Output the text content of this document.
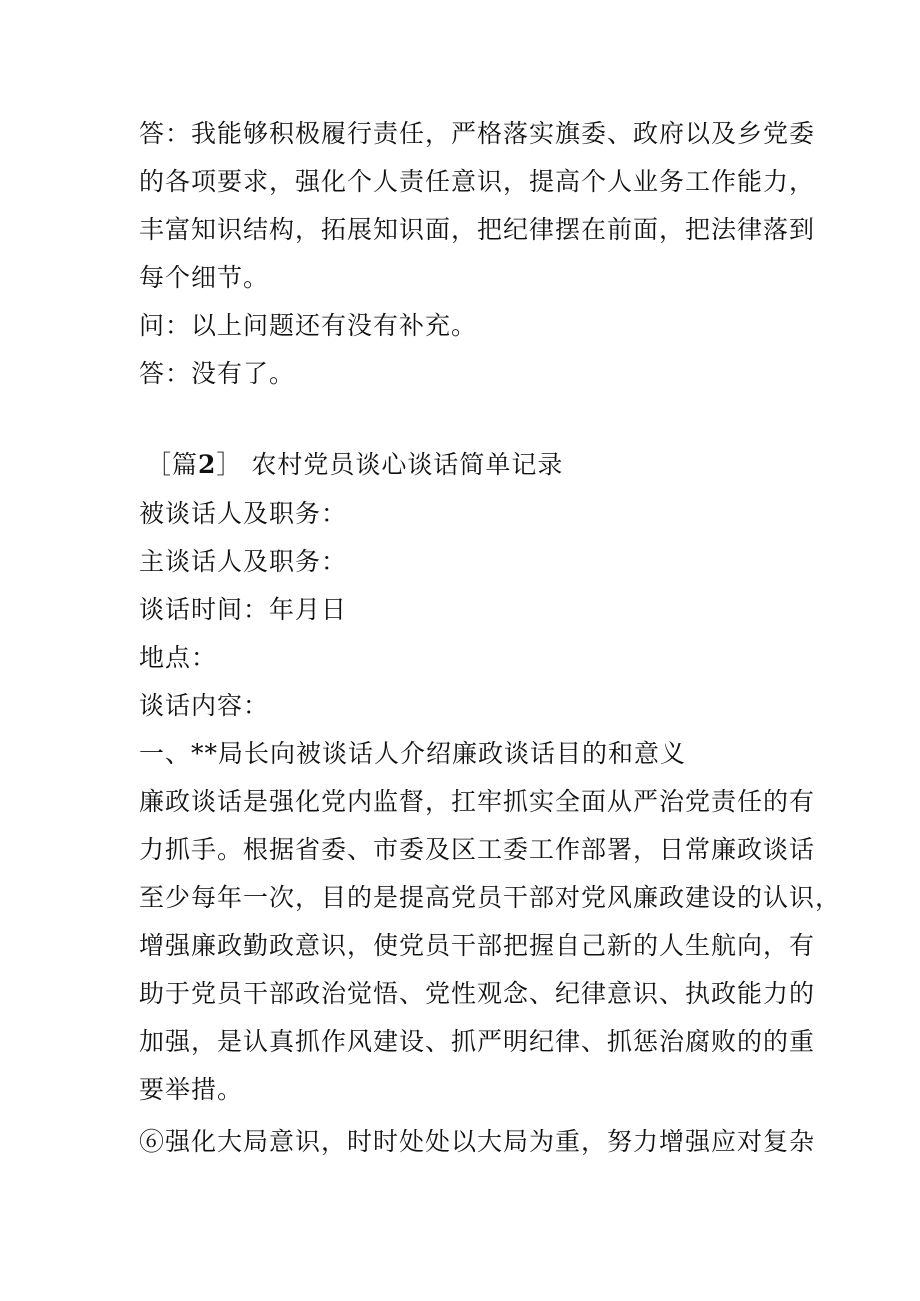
答：我能够积极履行责任，严格落实旗委、政府以及乡党委
的各项要求，强化个人责任意识，提高个人业务工作能力，
丰富知识结构，拓展知识面，把纪律摆在前面，把法律落到
每个细节。
问：以上问题还有没有补充。
答：没有了。
［篇2］ 农村党员谈心谈话简单记录
被谈话人及职务：
主谈话人及职务：
谈话时间：年月日
地点：
谈话内容：
一、**局长向被谈话人介绍廉政谈话目的和意义
廉政谈话是强化党内监督，扛牢抓实全面从严治党责任的有
力抓手。根据省委、市委及区工委工作部署，日常廉政谈话
至少每年一次，目的是提高党员干部对党风廉政建设的认识，
增强廉政勤政意识，使党员干部把握自己新的人生航向，有
助于党员干部政治觉悟、党性观念、纪律意识、执政能力的
加强，是认真抓作风建设、抓严明纪律、抓惩治腐败的的重
要举措。
⑥强化大局意识，时时处处以大局为重，努力增强应对复杂
